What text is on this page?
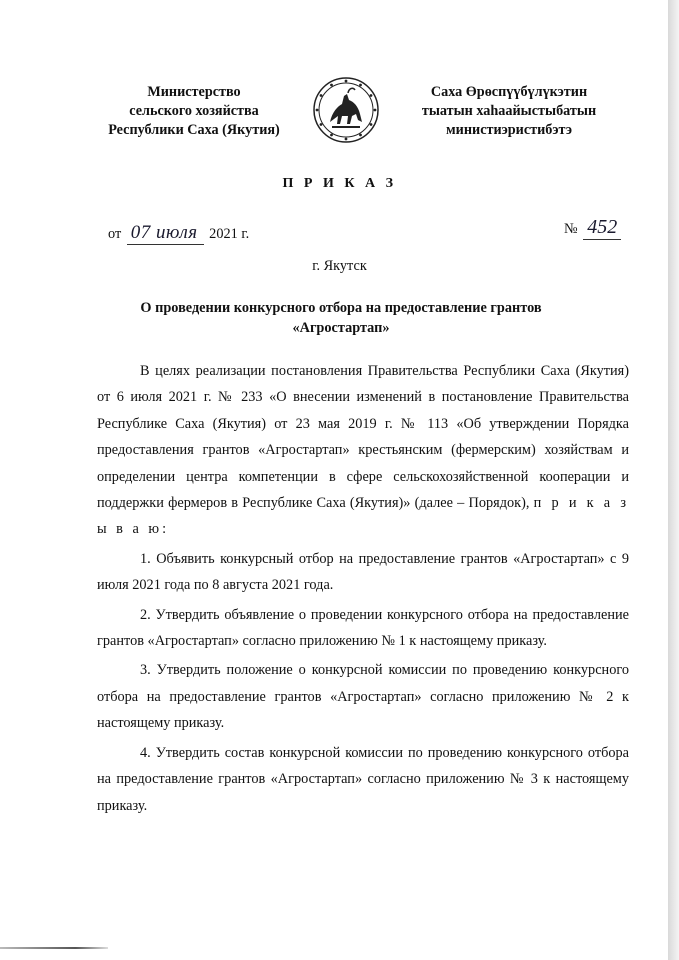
Министерство
сельского хозяйства
Республики Саха (Якутия)
Саха Өрөспүүбүлүкэтин
тыатын хаһаайыстыбатын
министиэристибэтэ
П Р И К А З
от 07 июля 2021 г.	№ 452
г. Якутск
О проведении конкурсного отбора на предоставление грантов «Агростартап»

В целях реализации постановления Правительства Республики Саха (Якутия) от 6 июля 2021 г. № 233 «О внесении изменений в постановление Правительства Республике Саха (Якутия) от 23 мая 2019 г. № 113 «Об утверждении Порядка предоставления грантов «Агростартап» крестьянским (фермерским) хозяйствам и определении центра компетенции в сфере сельскохозяйственной кооперации и поддержки фермеров в Республике Саха (Якутия)» (далее – Порядок), п р и к а з ы в а ю:

1. Объявить конкурсный отбор на предоставление грантов «Агростартап» с 9 июля 2021 года по 8 августа 2021 года.

2. Утвердить объявление о проведении конкурсного отбора на предоставление грантов «Агростартап» согласно приложению № 1 к настоящему приказу.

3. Утвердить положение о конкурсной комиссии по проведению конкурсного отбора на предоставление грантов «Агростартап» согласно приложению № 2 к настоящему приказу.

4. Утвердить состав конкурсной комиссии по проведению конкурсного отбора на предоставление грантов «Агростартап» согласно приложению № 3 к настоящему приказу.
